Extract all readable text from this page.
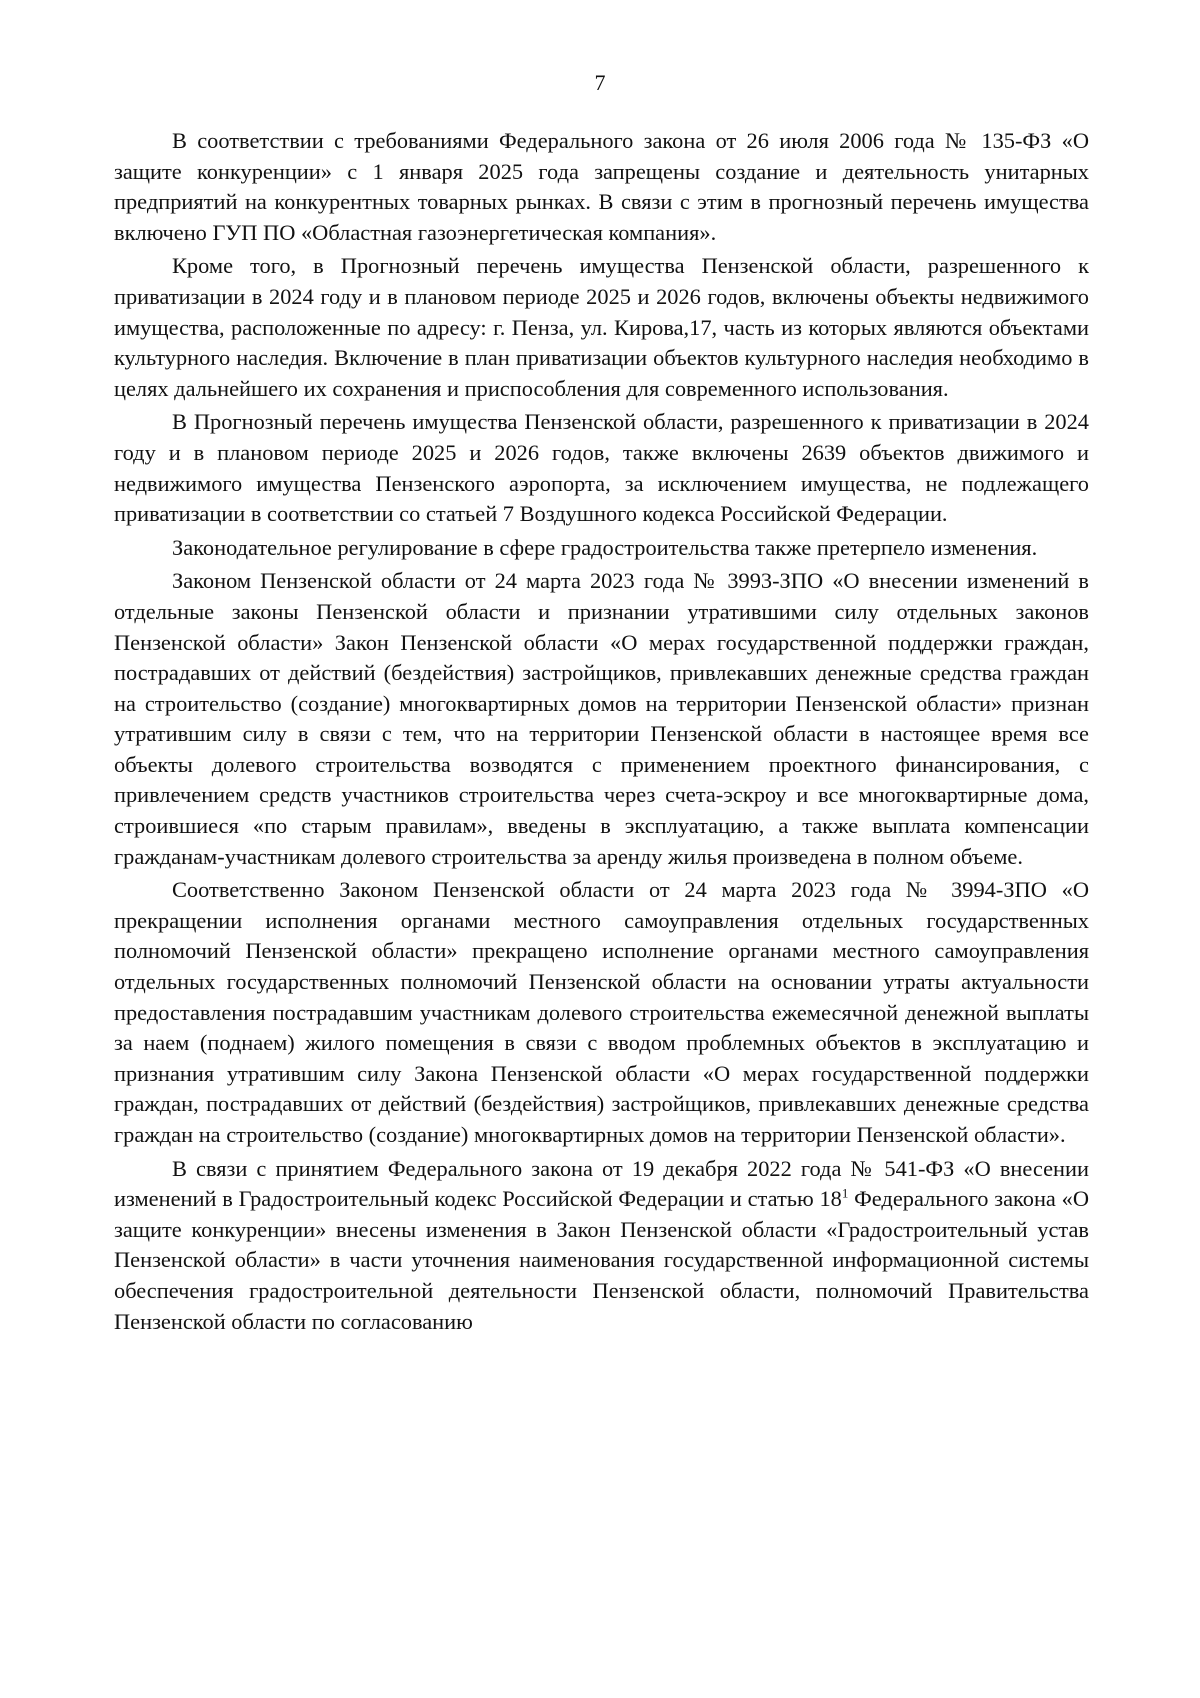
7

В соответствии с требованиями Федерального закона от 26 июля 2006 года № 135-ФЗ «О защите конкуренции» с 1 января 2025 года запрещены создание и деятельность унитарных предприятий на конкурентных товарных рынках. В связи с этим в прогнозный перечень имущества включено ГУП ПО «Областная газоэнергетическая компания».

Кроме того, в Прогнозный перечень имущества Пензенской области, разрешенного к приватизации в 2024 году и в плановом периоде 2025 и 2026 годов, включены объекты недвижимого имущества, расположенные по адресу: г. Пенза, ул. Кирова,17, часть из которых являются объектами культурного наследия. Включение в план приватизации объектов культурного наследия необходимо в целях дальнейшего их сохранения и приспособления для современного использования.

В Прогнозный перечень имущества Пензенской области, разрешенного к приватизации в 2024 году и в плановом периоде 2025 и 2026 годов, также включены 2639 объектов движимого и недвижимого имущества Пензенского аэропорта, за исключением имущества, не подлежащего приватизации в соответствии со статьей 7 Воздушного кодекса Российской Федерации.

Законодательное регулирование в сфере градостроительства также претерпело изменения.

Законом Пензенской области от 24 марта 2023 года № 3993-ЗПО «О внесении изменений в отдельные законы Пензенской области и признании утратившими силу отдельных законов Пензенской области» Закон Пензенской области «О мерах государственной поддержки граждан, пострадавших от действий (бездействия) застройщиков, привлекавших денежные средства граждан на строительство (создание) многоквартирных домов на территории Пензенской области» признан утратившим силу в связи с тем, что на территории Пензенской области в настоящее время все объекты долевого строительства возводятся с применением проектного финансирования, с привлечением средств участников строительства через счета-эскроу и все многоквартирные дома, строившиеся «по старым правилам», введены в эксплуатацию, а также выплата компенсации гражданам-участникам долевого строительства за аренду жилья произведена в полном объеме.

Соответственно Законом Пензенской области от 24 марта 2023 года № 3994-ЗПО «О прекращении исполнения органами местного самоуправления отдельных государственных полномочий Пензенской области» прекращено исполнение органами местного самоуправления отдельных государственных полномочий Пензенской области на основании утраты актуальности предоставления пострадавшим участникам долевого строительства ежемесячной денежной выплаты за наем (поднаем) жилого помещения в связи с вводом проблемных объектов в эксплуатацию и признания утратившим силу Закона Пензенской области «О мерах государственной поддержки граждан, пострадавших от действий (бездействия) застройщиков, привлекавших денежные средства граждан на строительство (создание) многоквартирных домов на территории Пензенской области».

В связи с принятием Федерального закона от 19 декабря 2022 года № 541-ФЗ «О внесении изменений в Градостроительный кодекс Российской Федерации и статью $18^1$ Федерального закона «О защите конкуренции» внесены изменения в Закон Пензенской области «Градостроительный устав Пензенской области» в части уточнения наименования государственной информационной системы обеспечения градостроительной деятельности Пензенской области, полномочий Правительства Пензенской области по согласованию
